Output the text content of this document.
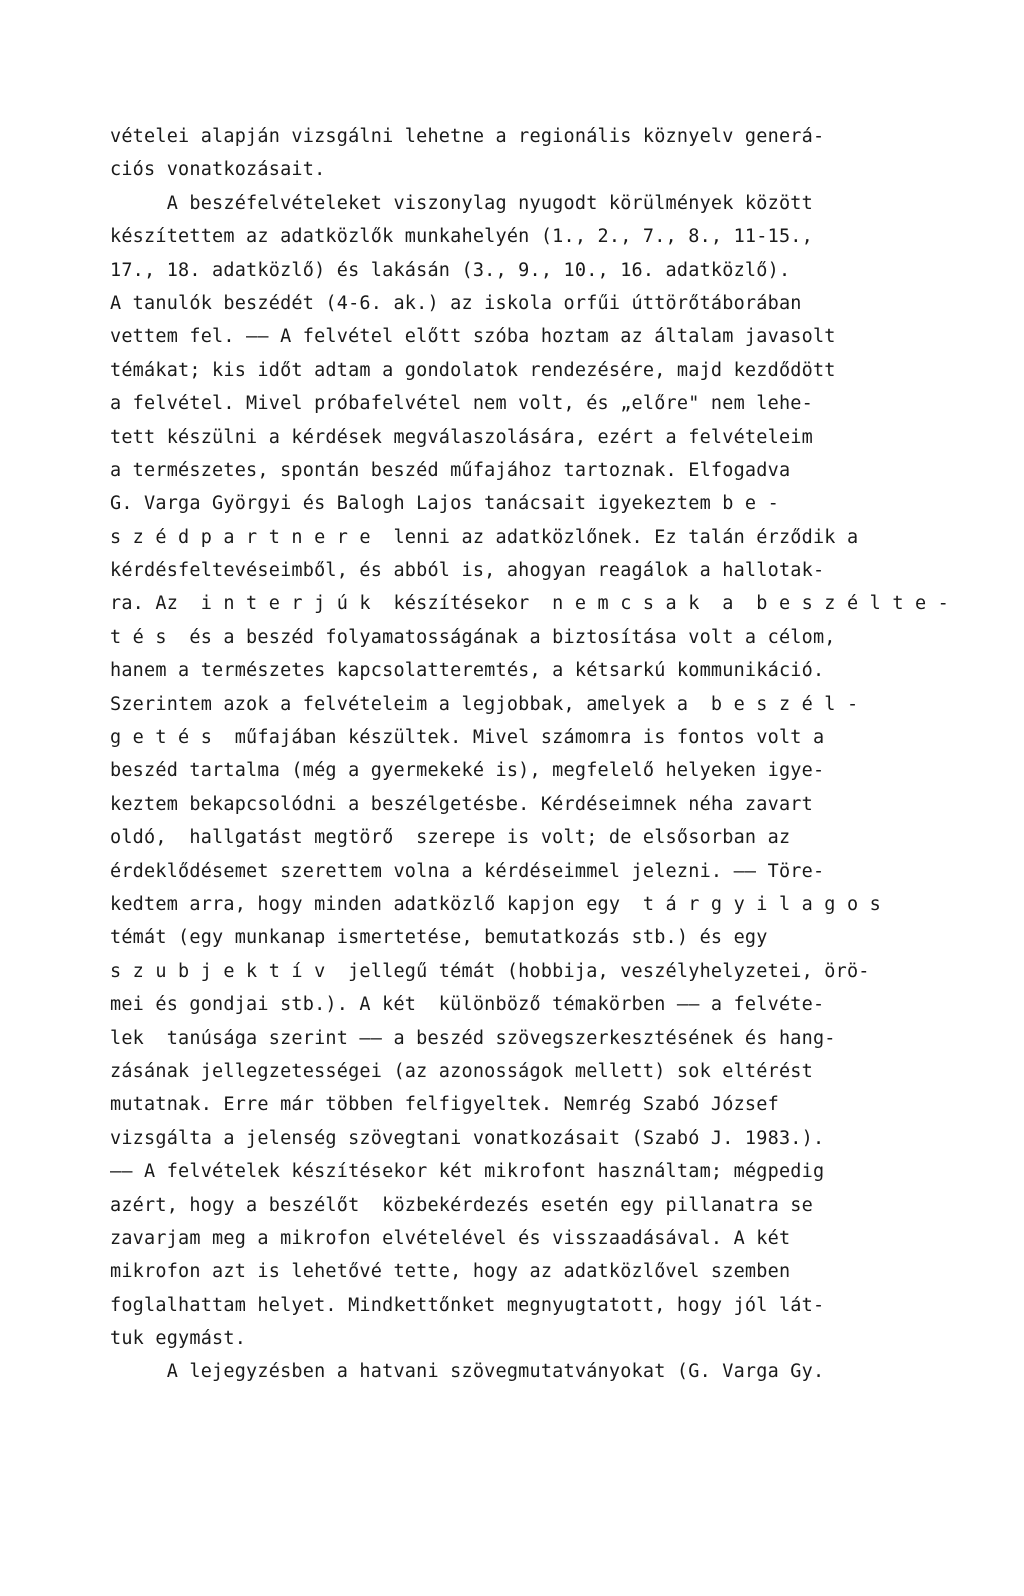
vételei alapján vizsgálni lehetne a regionális köznyelv generá-
ciós vonatkozásait.
A beszéfelvételeket viszonylag nyugodt körülmények között
készítettem az adatközlők munkahelyén (1., 2., 7., 8., 11-15.,
17., 18. adatközlő) és lakásán (3., 9., 10., 16. adatközlő).
A tanulók beszédét (4-6. ak.) az iskola orfűi úttörőtáborában
vettem fel. —— A felvétel előtt szóba hoztam az általam javasolt
témákat; kis időt adtam a gondolatok rendezésére, majd kezdődött
a felvétel. Mivel próbafelvétel nem volt, és „előre" nem lehe-
tett készülni a kérdések megválaszolására, ezért a felvételeim
a természetes, spontán beszéd műfajához tartoznak. Elfogadva
G. Varga Györgyi és Balogh Lajos tanácsait igyekeztem b e -
s z é d p a r t n e r e  lenni az adatközlőnek. Ez talán érződik a
kérdésfeltevéseimből, és abból is, ahogyan reagálok a hallotak-
ra. Az  i n t e r j ú k  készítésekor  n e m c s a k  a  b e s z é l t e -
t é s  és a beszéd folyamatosságának a biztosítása volt a célom,
hanem a természetes kapcsolatteremtés, a kétsarkú kommunikáció.
Szerintem azok a felvételeim a legjobbak, amelyek a  b e s z é l -
g e t é s  műfajában készültek. Mivel számomra is fontos volt a
beszéd tartalma (még a gyermekeké is), megfelelő helyeken igye-
keztem bekapcsolódni a beszélgetésbe. Kérdéseimnek néha zavart
oldó,  hallgatást megtörő  szerepe is volt; de elsősorban az
érdeklődésemet szerettem volna a kérdéseimmel jelezni. —— Töre-
kedtem arra, hogy minden adatközlő kapjon egy  t á r g y i l a g o s
témát (egy munkanap ismertetése, bemutatkozás stb.) és egy
s z u b j e k t í v  jellegű témát (hobbija, veszélyhelyzetei, örö-
mei és gondjai stb.). A két  különböző témakörben —— a felvéte-
lek  tanúsága szerint —— a beszéd szövegszerkesztésének és hang-
zásának jellegzetességei (az azonosságok mellett) sok eltérést
mutatnak. Erre már többen felfigyeltek. Nemrég Szabó József
vizsgálta a jelenség szövegtani vonatkozásait (Szabó J. 1983.).
—— A felvételek készítésekor két mikrofont használtam; mégpedig
azért, hogy a beszélőt  közbekérdezés esetén egy pillanatra se
zavarjam meg a mikrofon elvételével és visszaadásával. A két
mikrofon azt is lehetővé tette, hogy az adatközlővel szemben
foglalhattam helyet. Mindkettőnket megnyugtatott, hogy jól lát-
tuk egymást.
A lejegyzésben a hatvani szövegmutatványokat (G. Varga Gy.
